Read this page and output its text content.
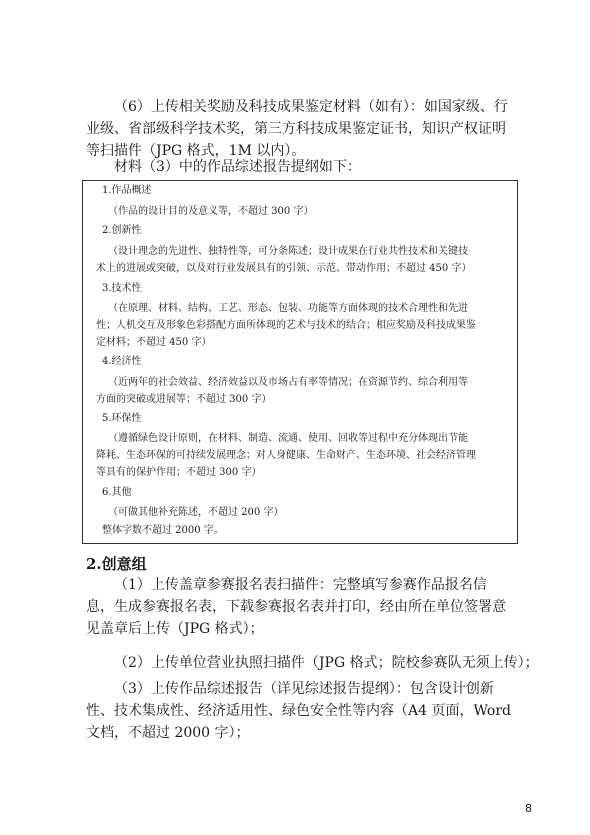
（6）上传相关奖励及科技成果鉴定材料（如有）：如国家级、行
业级、省部级科学技术奖，第三方科技成果鉴定证书，知识产权证明
等扫描件（JPG 格式，1M 以内）。
材料（3）中的作品综述报告提纲如下：
1.作品概述
（作品的设计目的及意义等，不超过 300 字）
2.创新性
（设计理念的先进性、独特性等，可分条陈述；设计成果在行业共性技术和关键技
术上的进展或突破，以及对行业发展具有的引领、示范、带动作用；不超过 450 字）
3.技术性
（在原理、材料、结构、工艺、形态、包装、功能等方面体现的技术合理性和先进
性；人机交互及形象色彩搭配方面所体现的艺术与技术的结合；相应奖励及科技成果鉴
定材料；不超过 450 字）
4.经济性
（近两年的社会效益、经济效益以及市场占有率等情况；在资源节约、综合利用等
方面的突破或进展等；不超过 300 字）
5.环保性
（遵循绿色设计原则，在材料、制造、流通、使用、回收等过程中充分体现出节能
降耗、生态环保的可持续发展理念；对人身健康、生命财产、生态环境、社会经济管理
等具有的保护作用；不超过 300 字）
6.其他
（可做其他补充陈述，不超过 200 字）
整体字数不超过 2000 字。
2.创意组
（1）上传盖章参赛报名表扫描件：完整填写参赛作品报名信
息，生成参赛报名表，下载参赛报名表并打印，经由所在单位签署意
见盖章后上传（JPG 格式）；
（2）上传单位营业执照扫描件（JPG 格式；院校参赛队无须上传）；
（3）上传作品综述报告（详见综述报告提纲）：包含设计创新
性、技术集成性、经济适用性、绿色安全性等内容（A4 页面，Word
文档，不超过 2000 字）；
8
